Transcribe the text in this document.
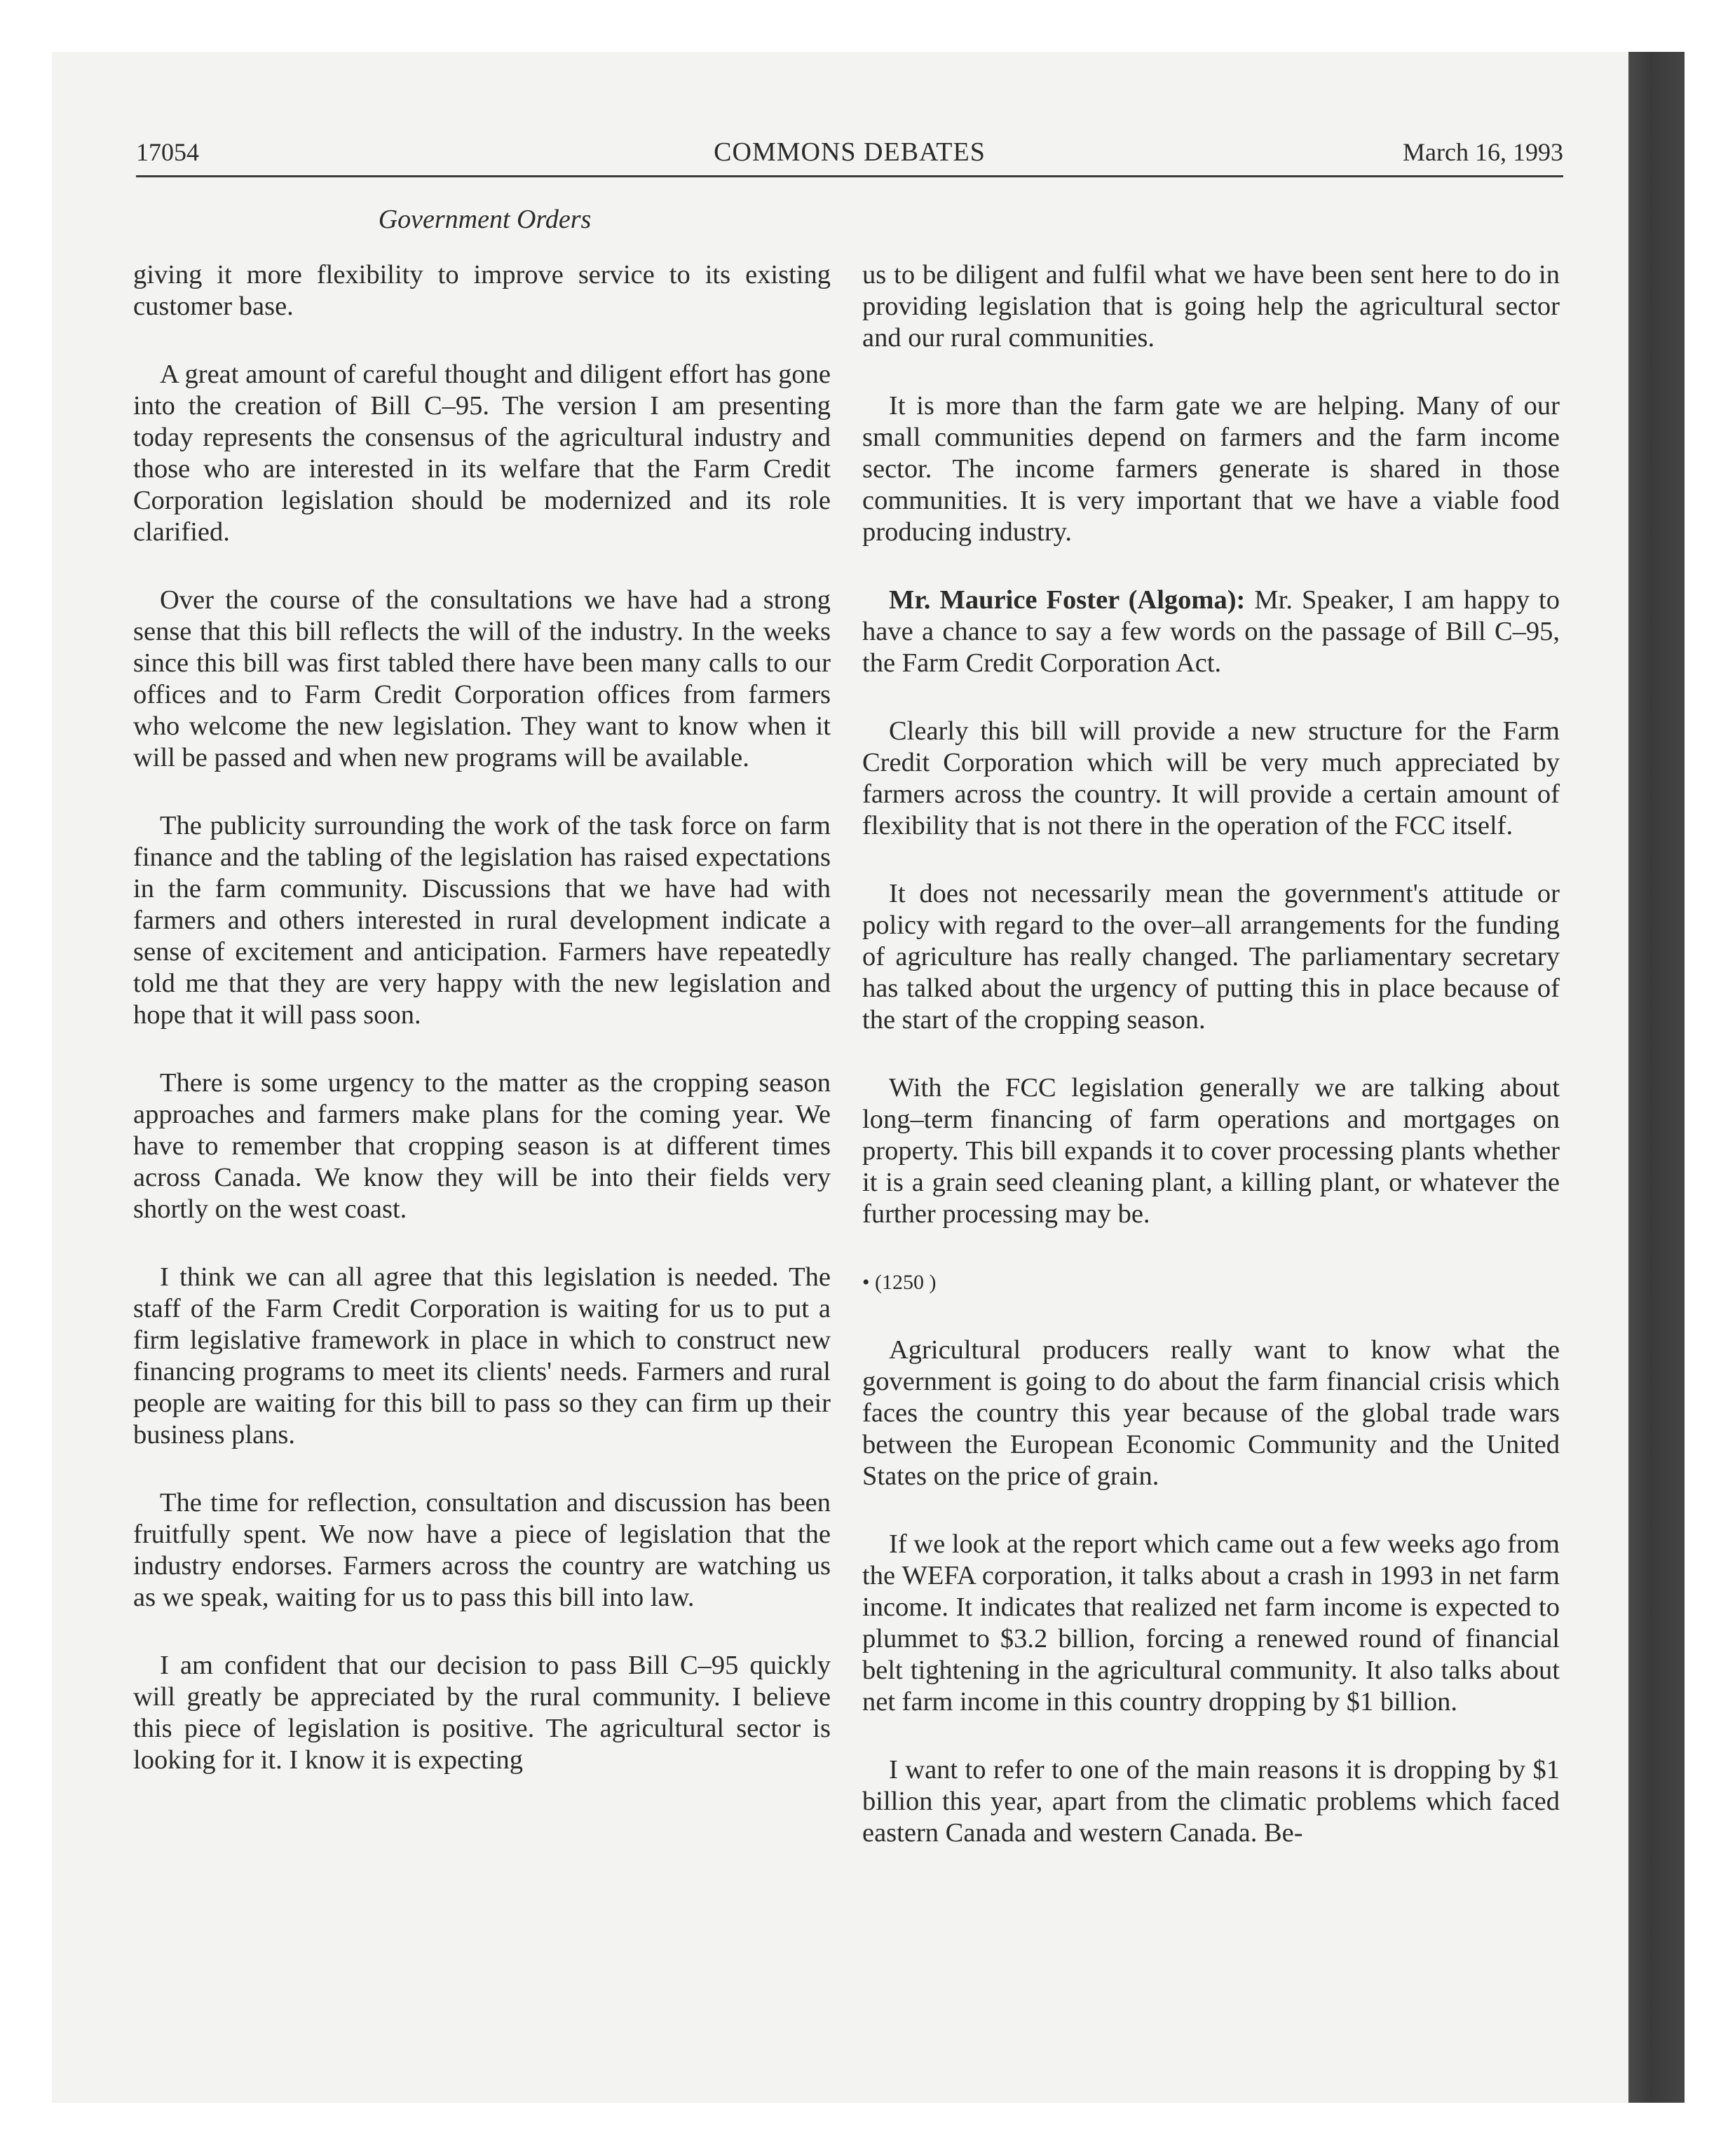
17054	COMMONS DEBATES	March 16, 1993
Government Orders

giving it more flexibility to improve service to its existing customer base.

A great amount of careful thought and diligent effort has gone into the creation of Bill C–95. The version I am presenting today represents the consensus of the agricultural industry and those who are interested in its welfare that the Farm Credit Corporation legislation should be modernized and its role clarified.

Over the course of the consultations we have had a strong sense that this bill reflects the will of the industry. In the weeks since this bill was first tabled there have been many calls to our offices and to Farm Credit Corporation offices from farmers who welcome the new legislation. They want to know when it will be passed and when new programs will be available.

The publicity surrounding the work of the task force on farm finance and the tabling of the legislation has raised expectations in the farm community. Discussions that we have had with farmers and others interested in rural development indicate a sense of excitement and anticipation. Farmers have repeatedly told me that they are very happy with the new legislation and hope that it will pass soon.

There is some urgency to the matter as the cropping season approaches and farmers make plans for the coming year. We have to remember that cropping season is at different times across Canada. We know they will be into their fields very shortly on the west coast.

I think we can all agree that this legislation is needed. The staff of the Farm Credit Corporation is waiting for us to put a firm legislative framework in place in which to construct new financing programs to meet its clients' needs. Farmers and rural people are waiting for this bill to pass so they can firm up their business plans.

The time for reflection, consultation and discussion has been fruitfully spent. We now have a piece of legislation that the industry endorses. Farmers across the country are watching us as we speak, waiting for us to pass this bill into law.

I am confident that our decision to pass Bill C–95 quickly will greatly be appreciated by the rural community. I believe this piece of legislation is positive. The agricultural sector is looking for it. I know it is expecting

us to be diligent and fulfil what we have been sent here to do in providing legislation that is going help the agricultural sector and our rural communities.

It is more than the farm gate we are helping. Many of our small communities depend on farmers and the farm income sector. The income farmers generate is shared in those communities. It is very important that we have a viable food producing industry.

Mr. Maurice Foster (Algoma): Mr. Speaker, I am happy to have a chance to say a few words on the passage of Bill C–95, the Farm Credit Corporation Act.

Clearly this bill will provide a new structure for the Farm Credit Corporation which will be very much appreciated by farmers across the country. It will provide a certain amount of flexibility that is not there in the operation of the FCC itself.

It does not necessarily mean the government's attitude or policy with regard to the over–all arrangements for the funding of agriculture has really changed. The parliamentary secretary has talked about the urgency of putting this in place because of the start of the cropping season.

With the FCC legislation generally we are talking about long–term financing of farm operations and mortgages on property. This bill expands it to cover processing plants whether it is a grain seed cleaning plant, a killing plant, or whatever the further processing may be.

• (1250 )

Agricultural producers really want to know what the government is going to do about the farm financial crisis which faces the country this year because of the global trade wars between the European Economic Community and the United States on the price of grain.

If we look at the report which came out a few weeks ago from the WEFA corporation, it talks about a crash in 1993 in net farm income. It indicates that realized net farm income is expected to plummet to $3.2 billion, forcing a renewed round of financial belt tightening in the agricultural community. It also talks about net farm income in this country dropping by $1 billion.

I want to refer to one of the main reasons it is dropping by $1 billion this year, apart from the climatic problems which faced eastern Canada and western Canada. Be-
